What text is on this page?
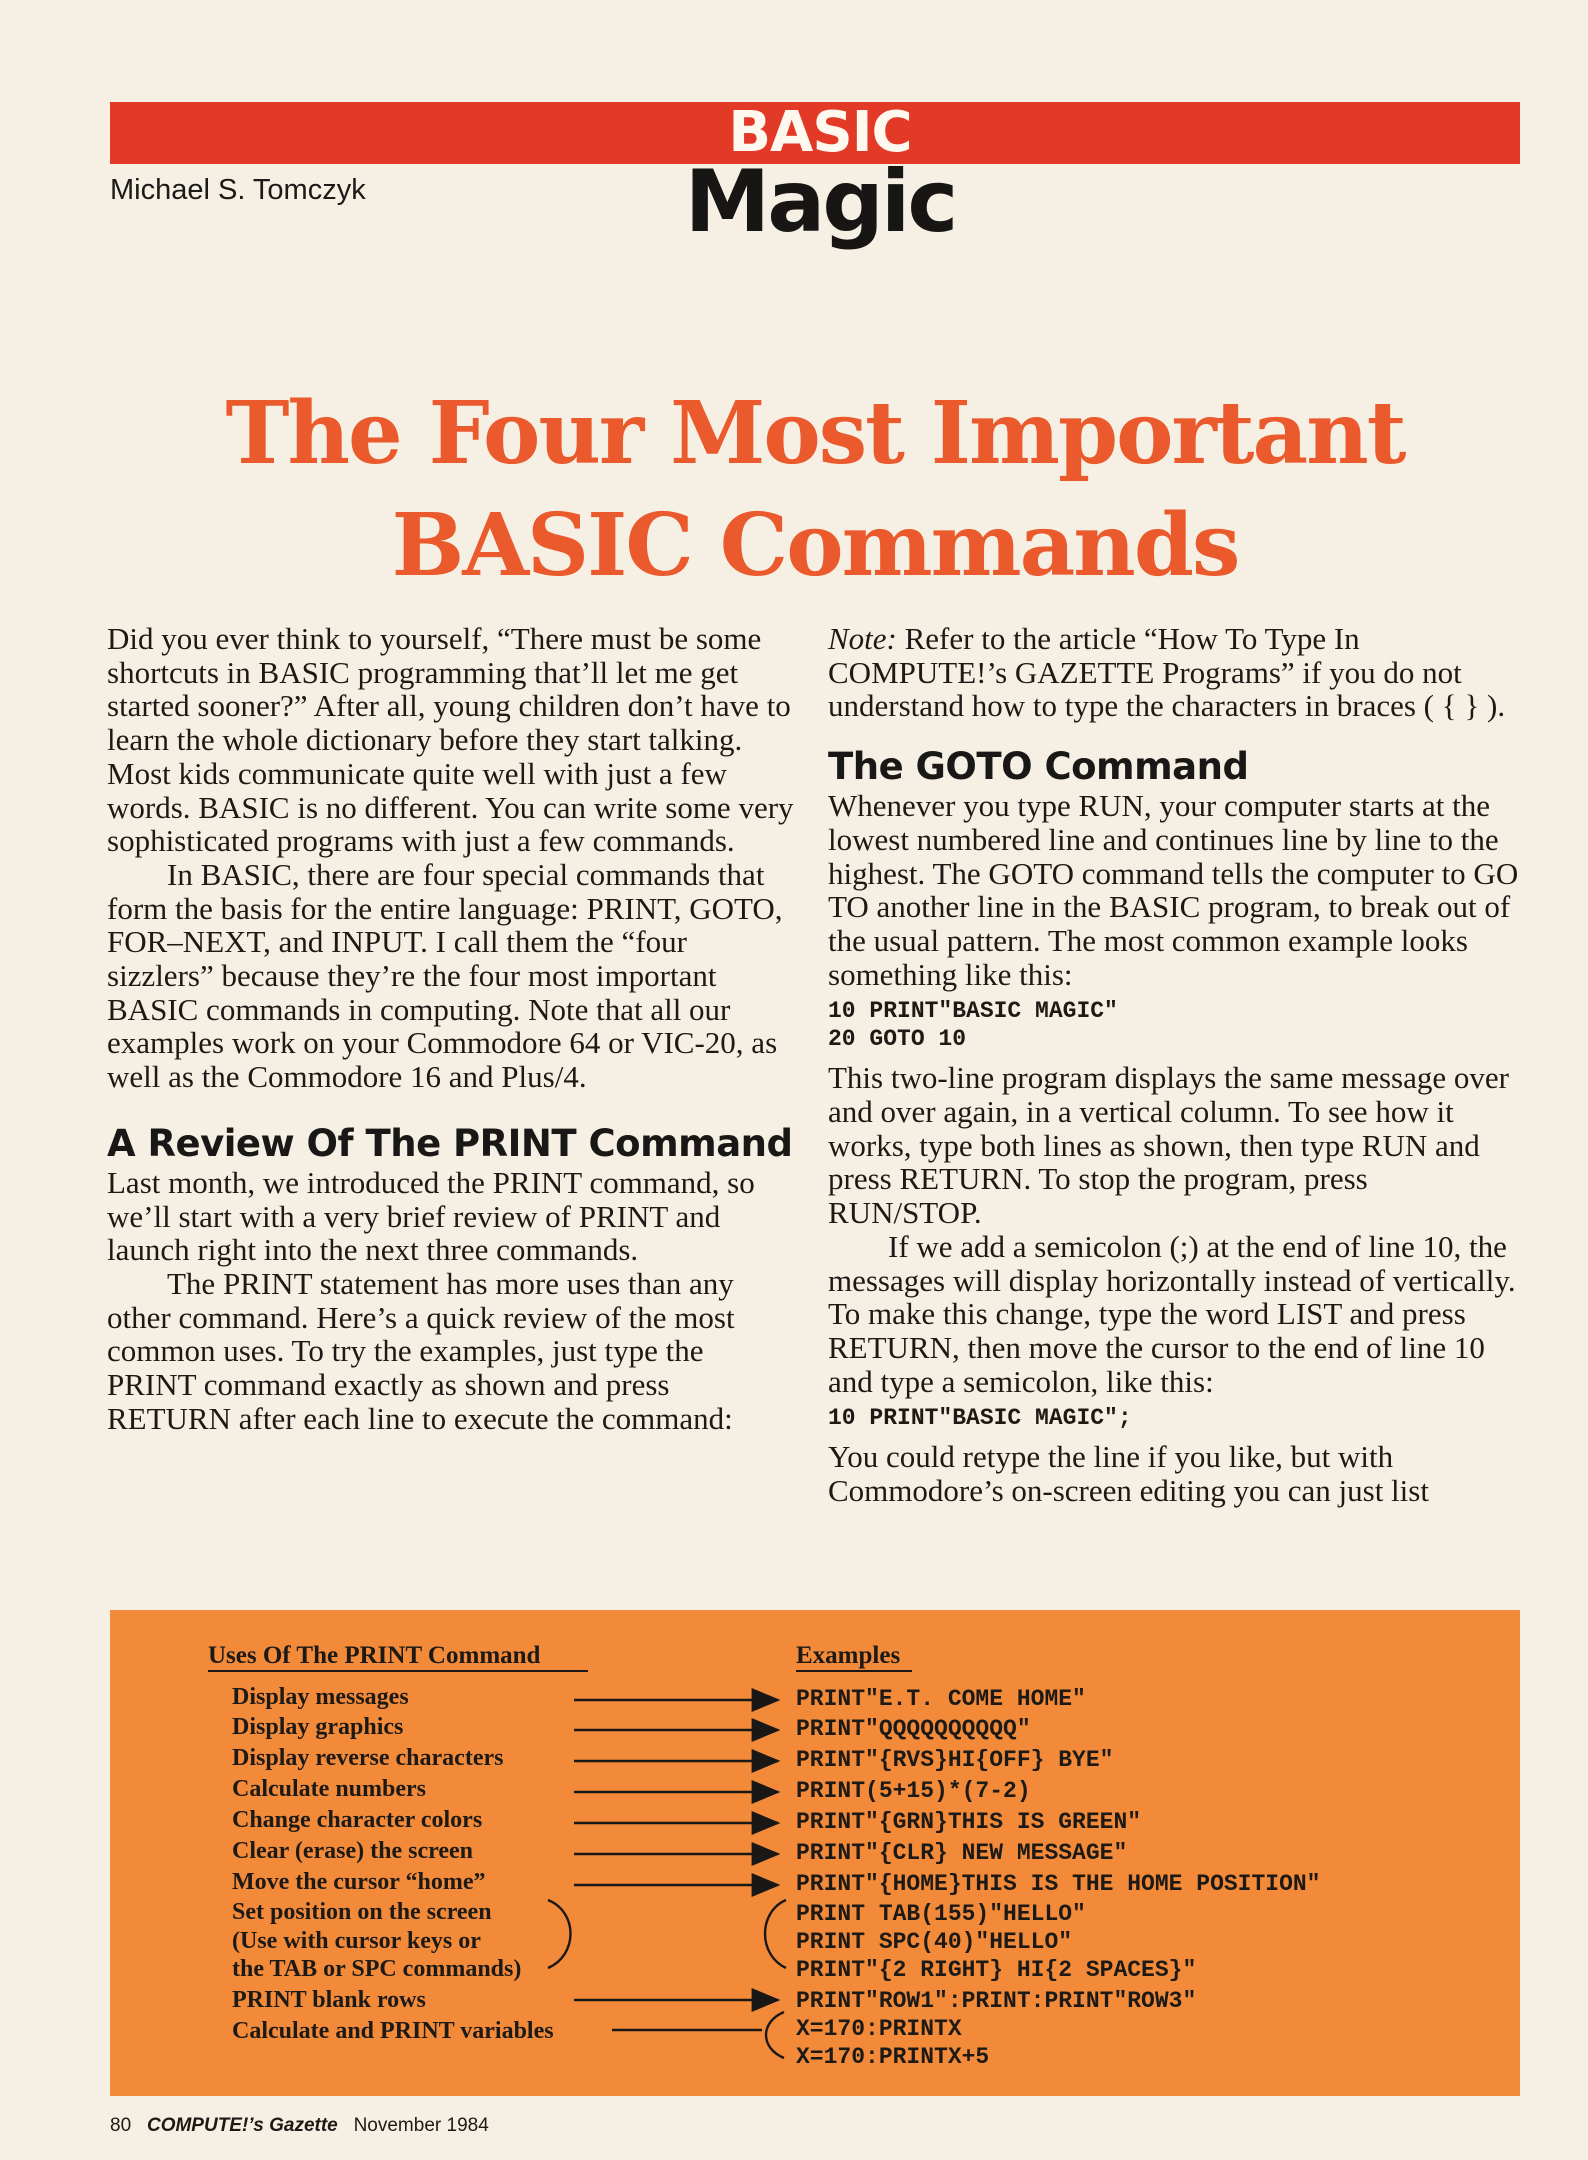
BASIC
Magic
Michael S. Tomczyk
The Four Most Important
BASIC Commands

Did you ever think to yourself, “There must be some shortcuts in BASIC programming that’ll let me get started sooner?” After all, young children don’t have to learn the whole dictionary before they start talking. Most kids communicate quite well with just a few words. BASIC is no different. You can write some very sophisticated programs with just a few commands.

In BASIC, there are four special commands that form the basis for the entire language: PRINT, GOTO, FOR–NEXT, and INPUT. I call them the “four sizzlers” because they’re the four most important BASIC commands in computing. Note that all our examples work on your Commodore 64 or VIC-20, as well as the Commodore 16 and Plus/4.

A Review Of The PRINT Command

Last month, we introduced the PRINT command, so we’ll start with a very brief review of PRINT and launch right into the next three commands.

The PRINT statement has more uses than any other command. Here’s a quick review of the most common uses. To try the examples, just type the PRINT command exactly as shown and press RETURN after each line to execute the command:

Note: Refer to the article “How To Type In COMPUTE!’s GAZETTE Programs” if you do not understand how to type the characters in braces ( { } ).

The GOTO Command

Whenever you type RUN, your computer starts at the lowest numbered line and continues line by line to the highest. The GOTO command tells the computer to GO TO another line in the BASIC program, to break out of the usual pattern. The most common example looks something like this:

10 PRINT"BASIC MAGIC"
20 GOTO 10

This two-line program displays the same message over and over again, in a vertical column. To see how it works, type both lines as shown, then type RUN and press RETURN. To stop the program, press RUN/STOP.

If we add a semicolon (;) at the end of line 10, the messages will display horizontally instead of vertically. To make this change, type the word LIST and press RETURN, then move the cursor to the end of line 10 and type a semicolon, like this:

10 PRINT"BASIC MAGIC";

You could retype the line if you like, but with Commodore’s on-screen editing you can just list

Uses Of The PRINT Command	Examples
Display messages
Display graphics
Display reverse characters
Calculate numbers
Change character colors
Clear (erase) the screen
Move the cursor “home”
Set position on the screen
(Use with cursor keys or
the TAB or SPC commands)
PRINT blank rows
Calculate and PRINT variables
PRINT"E.T. COME HOME"
PRINT"QQQQQQQQQQ"
PRINT"{RVS}HI{OFF} BYE"
PRINT(5+15)*(7-2)
PRINT"{GRN}THIS IS GREEN"
PRINT"{CLR} NEW MESSAGE"
PRINT"{HOME}THIS IS THE HOME POSITION"
PRINT TAB(155)"HELLO"
PRINT SPC(40)"HELLO"
PRINT"{2 RIGHT} HI{2 SPACES}"
PRINT"ROW1":PRINT:PRINT"ROW3"
X=170:PRINTX
X=170:PRINTX+5
80 COMPUTE!’s Gazette November 1984
